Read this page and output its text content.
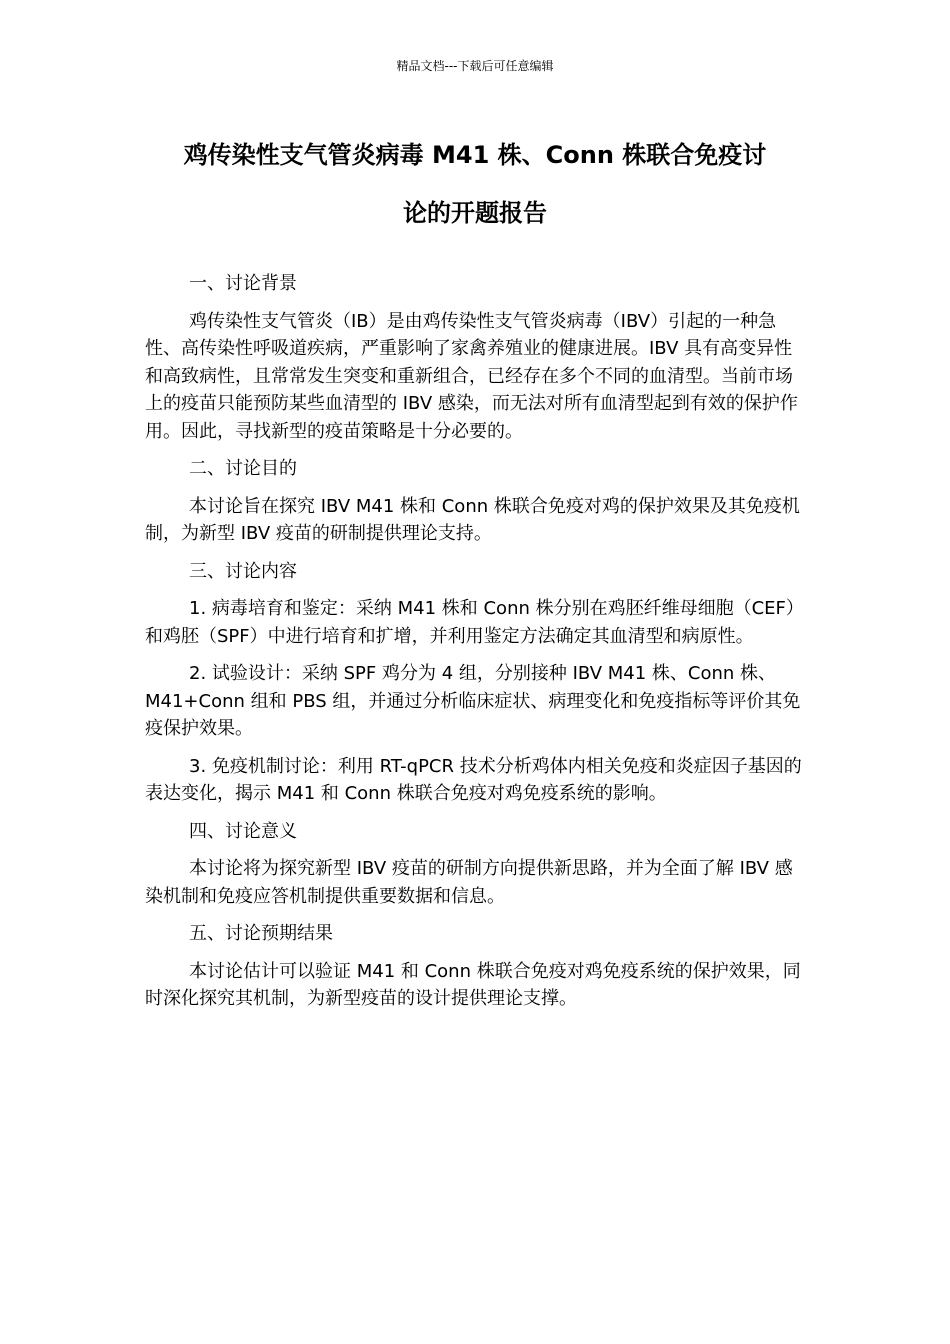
精品文档---下载后可任意编辑
鸡传染性支气管炎病毒 M41 株、Conn 株联合免疫讨
论的开题报告

一、讨论背景

鸡传染性支气管炎（IB）是由鸡传染性支气管炎病毒（IBV）引起的一种急性、高传染性呼吸道疾病，严重影响了家禽养殖业的健康进展。IBV 具有高变异性和高致病性，且常常发生突变和重新组合，已经存在多个不同的血清型。当前市场上的疫苗只能预防某些血清型的 IBV 感染，而无法对所有血清型起到有效的保护作用。因此，寻找新型的疫苗策略是十分必要的。

二、讨论目的

本讨论旨在探究 IBV M41 株和 Conn 株联合免疫对鸡的保护效果及其免疫机制，为新型 IBV 疫苗的研制提供理论支持。

三、讨论内容

1. 病毒培育和鉴定：采纳 M41 株和 Conn 株分别在鸡胚纤维母细胞（CEF）和鸡胚（SPF）中进行培育和扩增，并利用鉴定方法确定其血清型和病原性。

2. 试验设计：采纳 SPF 鸡分为 4 组，分别接种 IBV M41 株、Conn 株、M41+Conn 组和 PBS 组，并通过分析临床症状、病理变化和免疫指标等评价其免疫保护效果。

3. 免疫机制讨论：利用 RT-qPCR 技术分析鸡体内相关免疫和炎症因子基因的表达变化，揭示 M41 和 Conn 株联合免疫对鸡免疫系统的影响。

四、讨论意义

本讨论将为探究新型 IBV 疫苗的研制方向提供新思路，并为全面了解 IBV 感染机制和免疫应答机制提供重要数据和信息。

五、讨论预期结果

本讨论估计可以验证 M41 和 Conn 株联合免疫对鸡免疫系统的保护效果，同时深化探究其机制，为新型疫苗的设计提供理论支撑。
